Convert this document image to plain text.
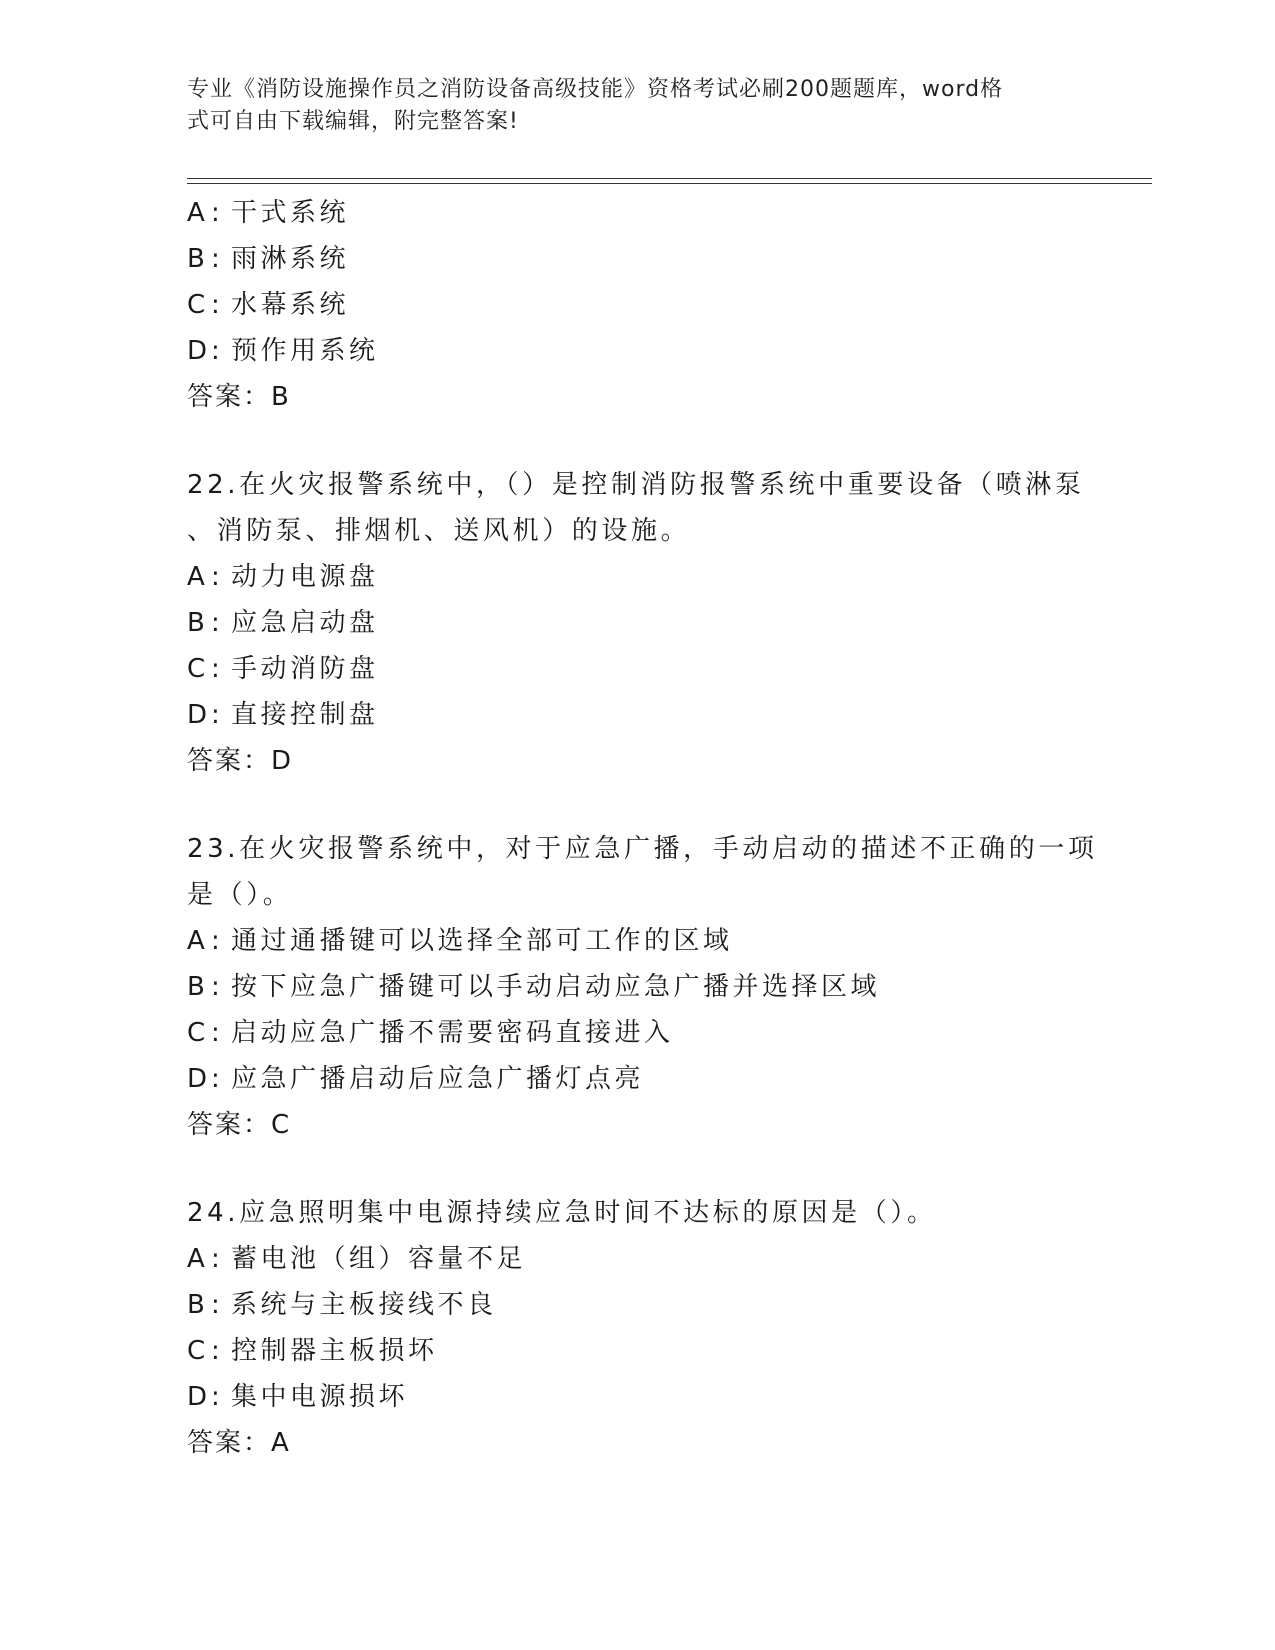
专业《消防设施操作员之消防设备高级技能》资格考试必刷200题题库，word格
式可自由下载编辑，附完整答案!
A : 干式系统
B : 雨淋系统
C: 水幕系统
D: 预作用系统
答案：B
22.在火灾报警系统中，（）是控制消防报警系统中重要设备（喷淋泵
、消防泵、排烟机、送风机）的设施。
A : 动力电源盘
B : 应急启动盘
C: 手动消防盘
D: 直接控制盘
答案：D
23.在火灾报警系统中，对于应急广播，手动启动的描述不正确的一项
是（）。
A : 通过通播键可以选择全部可工作的区域
B : 按下应急广播键可以手动启动应急广播并选择区域
C: 启动应急广播不需要密码直接进入
D: 应急广播启动后应急广播灯点亮
答案：C
24.应急照明集中电源持续应急时间不达标的原因是（）。
A : 蓄电池（组）容量不足
B : 系统与主板接线不良
C: 控制器主板损坏
D: 集中电源损坏
答案：A
